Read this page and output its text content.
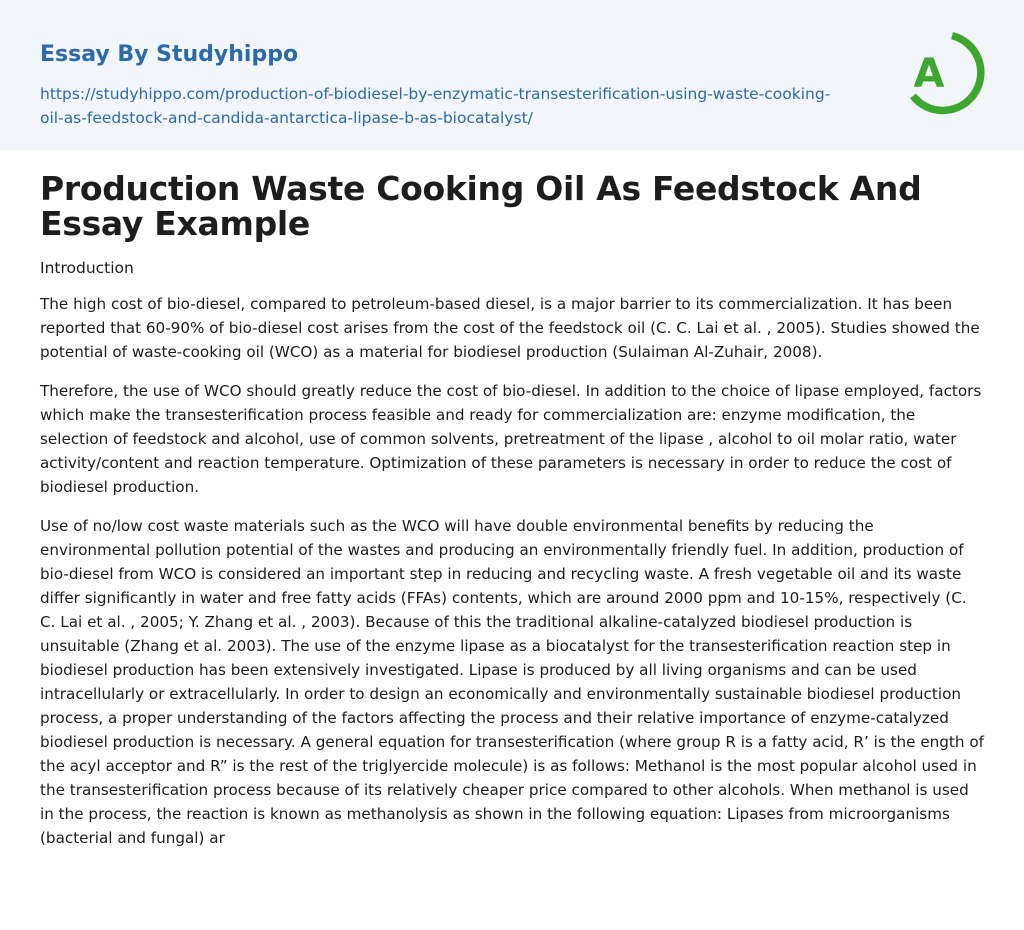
Essay By Studyhippo

https://studyhippo.com/production-of-biodiesel-by-enzymatic-transesterification-using-waste-cooking-oil-as-feedstock-and-candida-antarctica-lipase-b-as-biocatalyst/
A
Production Waste Cooking Oil As Feedstock And Essay Example

Introduction

The high cost of bio-diesel, compared to petroleum-based diesel, is a major barrier to its commercialization. It has been reported that 60-90% of bio-diesel cost arises from the cost of the feedstock oil (C. C. Lai et al. , 2005). Studies showed the potential of waste-cooking oil (WCO) as a material for biodiesel production (Sulaiman Al-Zuhair, 2008).

Therefore, the use of WCO should greatly reduce the cost of bio-diesel. In addition to the choice of lipase employed, factors which make the transesterification process feasible and ready for commercialization are: enzyme modification, the selection of feedstock and alcohol, use of common solvents, pretreatment of the lipase , alcohol to oil molar ratio, water activity/content and reaction temperature. Optimization of these parameters is necessary in order to reduce the cost of biodiesel production.

Use of no/low cost waste materials such as the WCO will have double environmental benefits by reducing the environmental pollution potential of the wastes and producing an environmentally friendly fuel. In addition, production of bio-diesel from WCO is considered an important step in reducing and recycling waste. A fresh vegetable oil and its waste differ significantly in water and free fatty acids (FFAs) contents, which are around 2000 ppm and 10-15%, respectively (C. C. Lai et al. , 2005; Y. Zhang et al. , 2003). Because of this the traditional alkaline-catalyzed biodiesel production is unsuitable (Zhang et al. 2003). The use of the enzyme lipase as a biocatalyst for the transesterification reaction step in biodiesel production has been extensively investigated. Lipase is produced by all living organisms and can be used intracellularly or extracellularly. In order to design an economically and environmentally sustainable biodiesel production process, a proper understanding of the factors affecting the process and their relative importance of enzyme-catalyzed biodiesel production is necessary. A general equation for transesterification (where group R is a fatty acid, R’ is the ength of the acyl acceptor and R” is the rest of the triglyercide molecule) is as follows: Methanol is the most popular alcohol used in the transesterification process because of its relatively cheaper price compared to other alcohols. When methanol is used in the process, the reaction is known as methanolysis as shown in the following equation: Lipases from microorganisms (bacterial and fungal) ar
